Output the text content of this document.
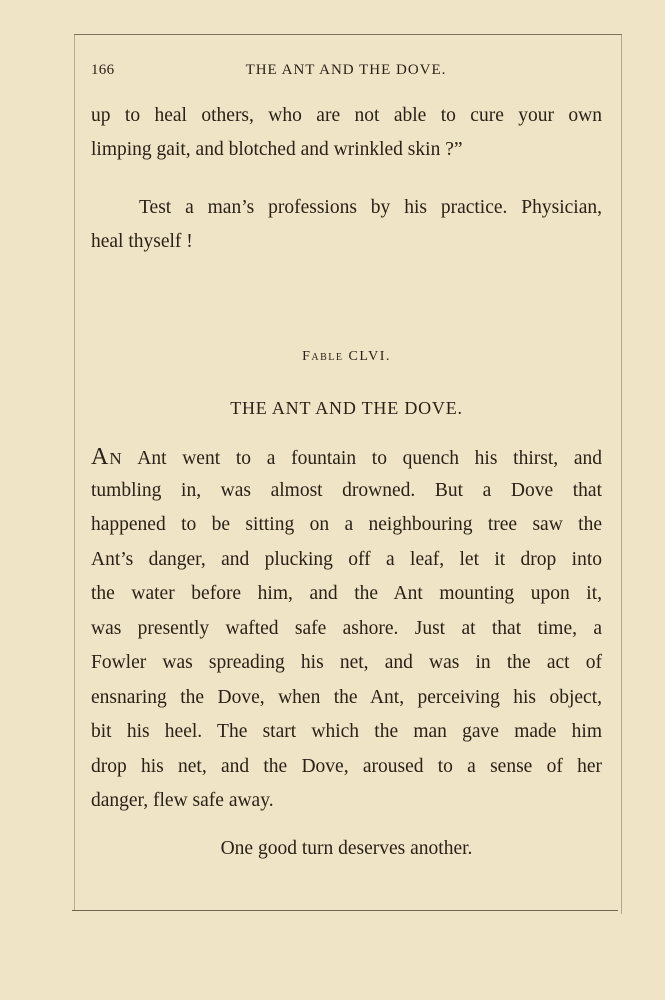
166	THE ANT AND THE DOVE.
up to heal others, who are not able to cure your own
limping gait, and blotched and wrinkled skin ?”
Test a man’s professions by his practice. Physician,
heal thyself !
Fable CLVI.
THE ANT AND THE DOVE.
An Ant went to a fountain to quench his thirst, and
tumbling in, was almost drowned. But a Dove that
happened to be sitting on a neighbouring tree saw the
Ant’s danger, and plucking off a leaf, let it drop into
the water before him, and the Ant mounting upon it,
was presently wafted safe ashore. Just at that time, a
Fowler was spreading his net, and was in the act of
ensnaring the Dove, when the Ant, perceiving his object,
bit his heel. The start which the man gave made him
drop his net, and the Dove, aroused to a sense of her
danger, flew safe away.
One good turn deserves another.
